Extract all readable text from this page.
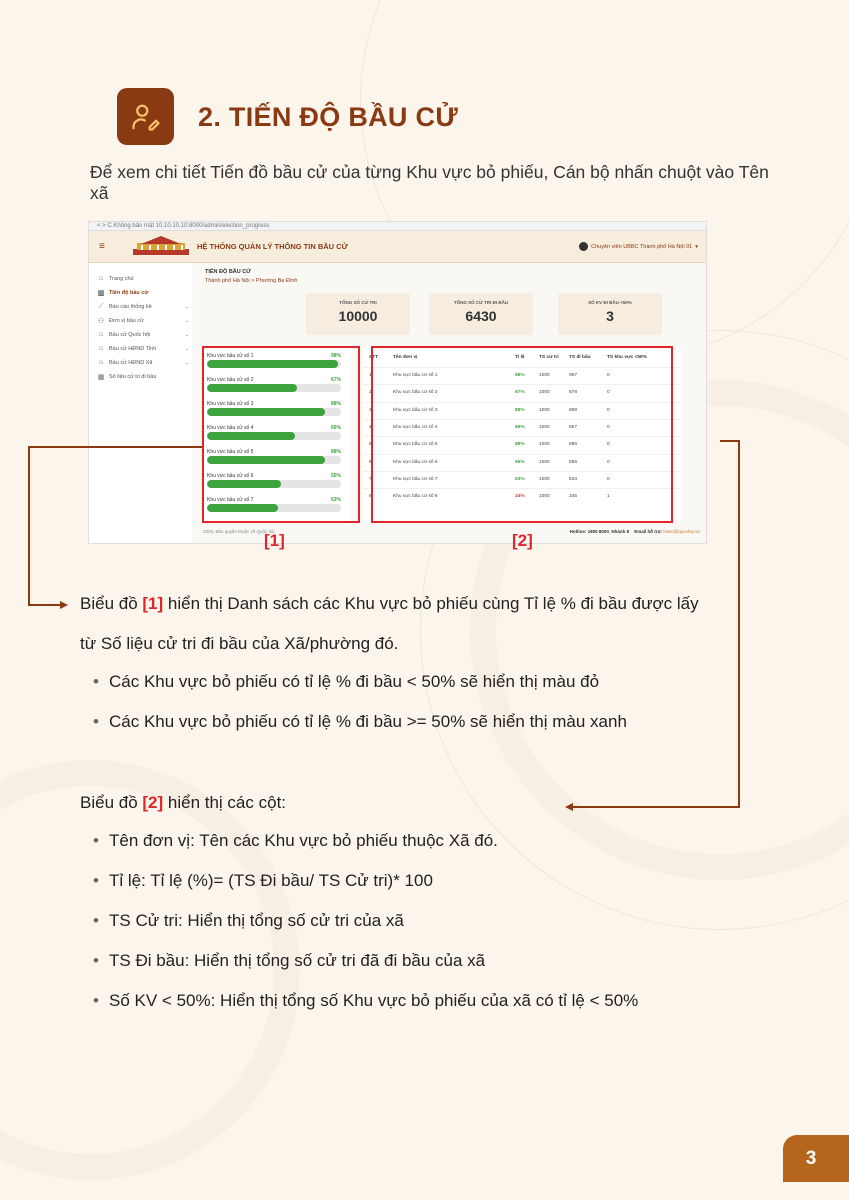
2. TIẾN ĐỘ BẦU CỬ
Để xem chi tiết Tiến đồ bầu cử của từng Khu vực bỏ phiếu, Cán bộ nhấn chuột vào Tên xã
< > C Không bảo mật 10.10.10.10:8000/admin/election_progress
≡	HỆ THỐNG QUẢN LÝ THÔNG TIN BẦU CỬ	Chuyên viên UBBC Thành phố Hà Nội 01 ▾
⌂	Trang chủ
▥ Tiến độ bầu cử
⟋ Báo cáo thống kê	⌄
⚇ Đơn vị bầu cử	⌄
⌂	Bầu cử Quốc hội	⌄
⌂	Bầu cử HĐND Tỉnh	⌄
⌂	Bầu cử HĐND Xã	⌄
▦ Số liệu cử tri đi bầu
TIẾN ĐỘ BẦU CỬ
Thành phố Hà Nội > Phường Ba Đình
TỔNG SỐ CỬ TRI
10000
TỔNG SỐ CỬ TRI ĐI BẦU
6430
SỐ KV ĐI BẦU <50%
3
Khu vực bầu cử số 1	98%
Khu vực bầu cử số 2	67%
Khu vực bầu cử số 3	88%
Khu vực bầu cử số 4	66%
Khu vực bầu cử số 5	88%
Khu vực bầu cử số 6	55%
Khu vực bầu cử số 7	53%
STT	Tên đơn vị	Tỉ lệ	TS cử tri TS đi bầu	TS khu vực <50%
1	Khu vực bầu cử số 1	98%	1000	987	0
2	Khu vực bầu cử số 2	67%	1000	678	0
3	Khu vực bầu cử số 3	88%	1000	888	0
4	Khu vực bầu cử số 4	66%	1000	667	0
5	Khu vực bầu cử số 5	88%	1000	886	0
6	Khu vực bầu cử số 6	55%	1000	556	0
7	Khu vực bầu cử số 7	53%	1000	533	0
8	Khu vực bầu cử số 8	34%	1000	345	1
2026, Bản quyền thuộc về Quốc hội	Hotline: 1800 8000_Nhánh 8 Email hỗ trợ: hotro@quochoi.vn
[1]	[2]
Biểu đồ [1] hiển thị Danh sách các Khu vực bỏ phiếu cùng Tỉ lệ % đi bầu được lấy
từ Số liệu cử tri đi bầu của Xã/phường đó.
• Các Khu vực bỏ phiếu có tỉ lệ % đi bầu < 50% sẽ hiển thị màu đỏ
• Các Khu vực bỏ phiếu có tỉ lệ % đi bầu >= 50% sẽ hiển thị màu xanh
Biểu đồ [2] hiển thị các cột:
• Tên đơn vị: Tên các Khu vực bỏ phiếu thuộc Xã đó.
• Tỉ lệ: Tỉ lệ (%)= (TS Đi bầu/ TS Cử tri)* 100
• TS Cử tri: Hiển thị tổng số cử tri của xã
• TS Đi bầu: Hiển thị tổng số cử tri đã đi bầu của xã
• Số KV < 50%: Hiển thị tổng số Khu vực bỏ phiếu của xã có tỉ lệ < 50%
3
